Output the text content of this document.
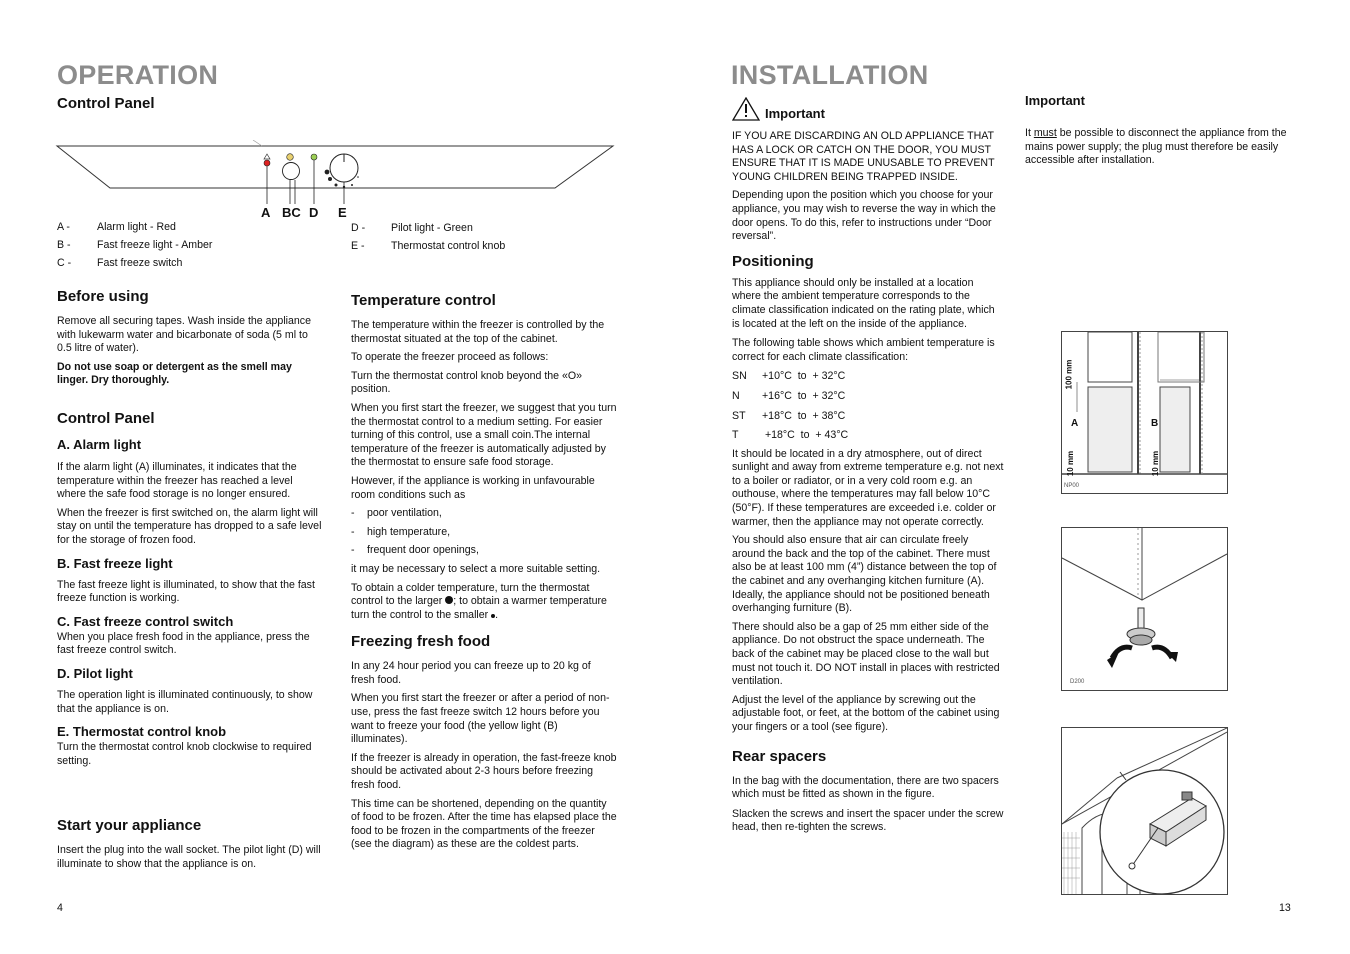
OPERATION
Control Panel
A BC D E
A -	Alarm light - Red
B -	Fast freeze light - Amber
C -	Fast freeze switch
D -	Pilot light - Green
E -	Thermostat control knob
Before using

Remove all securing tapes. Wash inside the appliance with lukewarm water and bicarbonate of soda (5 ml to 0.5 litre of water).

Do not use soap or detergent as the smell may linger. Dry thoroughly.

Control Panel
A. Alarm light

If the alarm light (A) illuminates, it indicates that the temperature within the freezer has reached a level where the safe food storage is no longer ensured.

When the freezer is first switched on, the alarm light will stay on until the temperature has dropped to a safe level for the storage of frozen food.

B. Fast freeze light

The fast freeze light is illuminated, to show that the fast freeze function is working.

C. Fast freeze control switch

When you place fresh food in the appliance, press the fast freeze control switch.

D. Pilot light

The operation light is illuminated continuously, to show that the appliance is on.

E. Thermostat control knob

Turn the thermostat control knob clockwise to required setting.

Start your appliance

Insert the plug into the wall socket. The pilot light (D) will illuminate to show that the appliance is on.

Temperature control

The temperature within the freezer is controlled by the thermostat situated at the top of the cabinet.

To operate the freezer proceed as follows:

Turn the thermostat control knob beyond the «O» position.

When you first start the freezer, we suggest that you turn the thermostat control to a medium setting. For easier turning of this control, use a small coin.The internal temperature of the freezer is automatically adjusted by the thermostat to ensure safe food storage.

However, if the appliance is working in unfavourable room conditions such as

-	poor ventilation,
-	high temperature,
-	frequent door openings,

it may be necessary to select a more suitable setting.

To obtain a colder temperature, turn the thermostat control to the larger ; to obtain a warmer temperature turn the control to the smaller .

Freezing fresh food

In any 24 hour period you can freeze up to 20 kg of fresh food.

When you first start the freezer or after a period of non-use, press the fast freeze switch 12 hours before you want to freeze your food (the yellow light (B) illuminates).

If the freezer is already in operation, the fast-freeze knob should be activated about 2-3 hours before freezing fresh food.

This time can be shortened, depending on the quantity of food to be frozen. After the time has elapsed place the food to be frozen in the compartments of the freezer (see the diagram) as these are the coldest parts.

4
INSTALLATION
Important

IF YOU ARE DISCARDING AN OLD APPLIANCE THAT HAS A LOCK OR CATCH ON THE DOOR, YOU MUST ENSURE THAT IT IS MADE UNUSABLE TO PREVENT YOUNG CHILDREN BEING TRAPPED INSIDE.

Depending upon the position which you choose for your appliance, you may wish to reverse the way in which the door opens. To do this, refer to instructions under “Door reversal”.

Positioning

This appliance should only be installed at a location where the ambient temperature corresponds to the climate classification indicated on the rating plate, which is located at the left on the inside of the appliance.

The following table shows which ambient temperature is correct for each climate classification:

SN	+10°C  to  + 32°C
N	+16°C  to  + 32°C
ST	+18°C  to  + 38°C
T	+18°C  to  + 43°C

It should be located in a dry atmosphere, out of direct sunlight and away from extreme temperature e.g. not next to a boiler or radiator, or in a very cold room e.g. an outhouse, where the temperatures may fall below 10°C (50°F). If these temperatures are exceeded i.e. colder or warmer, then the appliance may not operate correctly.

You should also ensure that air can circulate freely around the back and the top of the cabinet. There must also be at least 100 mm (4”) distance between the top of the cabinet and any overhanging kitchen furniture (A). Ideally, the appliance should not be positioned beneath overhanging furniture (B).

There should also be a gap of 25 mm either side of the appliance. Do not obstruct the space underneath. The back of the cabinet may be placed close to the wall but must not touch it. DO NOT install in places with restricted ventilation.

Adjust the level of the appliance by screwing out the adjustable foot, or feet, at the bottom of the cabinet using your fingers or a tool (see figure).

Rear spacers

In the bag with the documentation, there are two spacers which must be fitted as shown in the figure.

Slacken the screws and insert the spacer under the screw head, then re-tighten the screws.

Important

It must be possible to disconnect the appliance from the mains power supply; the plug must therefore be easily accessible after installation.

100 mm
10 mm	10 mm
A	B
NP00
D200
13
